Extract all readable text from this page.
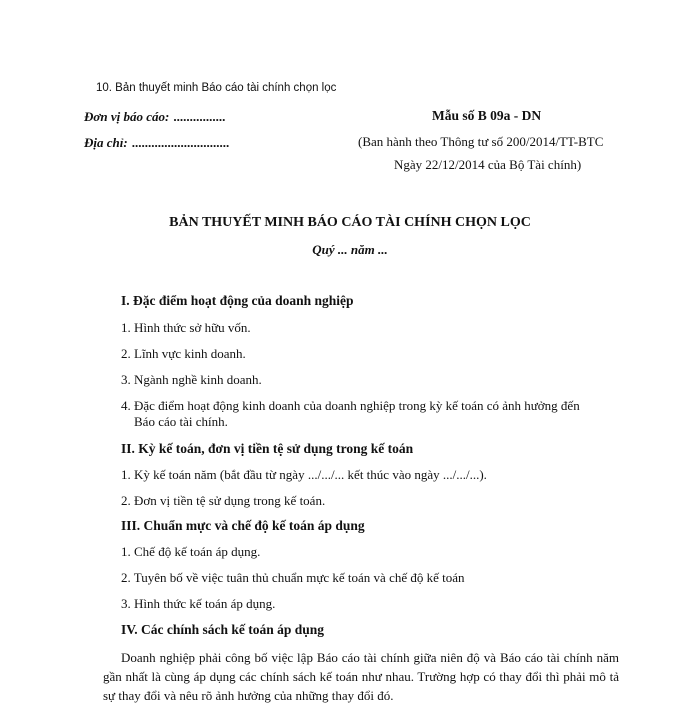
10. Bản thuyết minh Báo cáo tài chính chọn lọc
Đơn vị báo cáo: ................
Địa chỉ: ..............................
Mẫu số B 09a - DN
(Ban hành theo Thông tư số 200/2014/TT-BTC
Ngày 22/12/2014 của Bộ Tài chính)
BẢN THUYẾT MINH BÁO CÁO TÀI CHÍNH CHỌN LỌC
Quý ... năm ...
I. Đặc điểm hoạt động của doanh nghiệp
1. Hình thức sở hữu vốn.
2. Lĩnh vực kinh doanh.
3. Ngành nghề kinh doanh.
4. Đặc điểm hoạt động kinh doanh của doanh nghiệp trong kỳ kế toán có ảnh hưởng đến
Báo cáo tài chính.
II. Kỳ kế toán, đơn vị tiền tệ sử dụng trong kế toán
1. Kỳ kế toán năm (bắt đầu từ ngày .../.../... kết thúc vào ngày .../.../...).
2. Đơn vị tiền tệ sử dụng trong kế toán.
III. Chuẩn mực và chế độ kế toán áp dụng
1. Chế độ kế toán áp dụng.
2. Tuyên bố về việc tuân thủ chuẩn mực kế toán và chế độ kế toán
3. Hình thức kế toán áp dụng.
IV. Các chính sách kế toán áp dụng
Doanh nghiệp phải công bố việc lập Báo cáo tài chính giữa niên độ và Báo cáo tài chính năm gần nhất là cùng áp dụng các chính sách kế toán như nhau. Trường hợp có thay đổi thì phải mô tả sự thay đổi và nêu rõ ảnh hưởng của những thay đổi đó.
